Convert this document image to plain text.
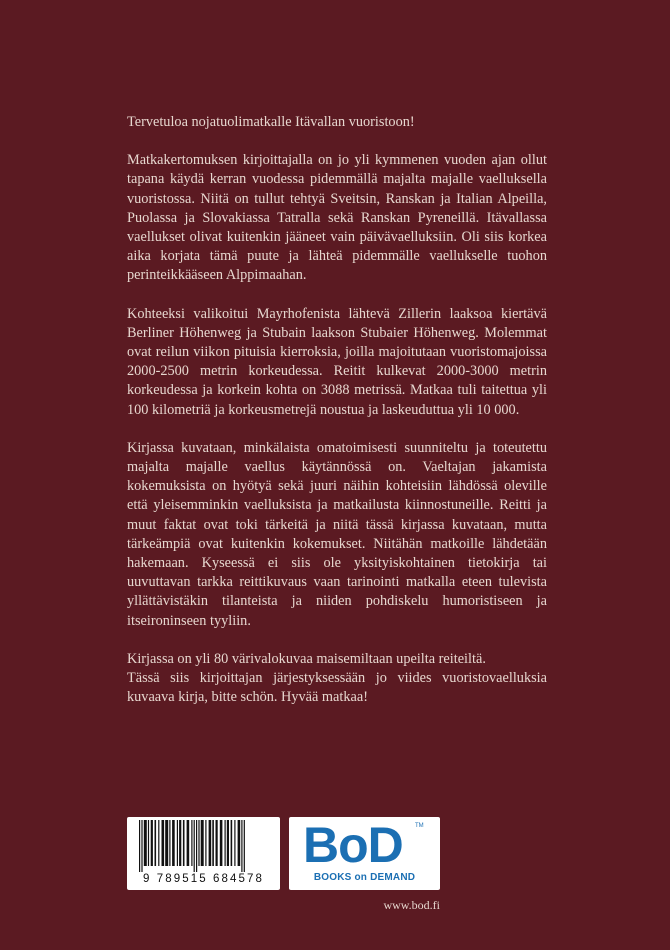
Tervetuloa nojatuolimatkalle Itävallan vuoristoon!

Matkakertomuksen kirjoittajalla on jo yli kymmenen vuoden ajan ollut tapana käydä kerran vuodessa pidemmällä majalta majalle vaelluksella vuoristossa. Niitä on tullut tehtyä Sveitsin, Ranskan ja Italian Alpeilla, Puolassa ja Slovakiassa Tatralla sekä Ranskan Pyreneillä. Itävallassa vaellukset olivat kuitenkin jääneet vain päivävaelluksiin. Oli siis korkea aika korjata tämä puute ja lähteä pidemmälle vaellukselle tuohon perinteikkääseen Alppimaahan.

Kohteeksi valikoitui Mayrhofenista lähtevä Zillerin laaksoa kiertävä Berliner Höhenweg ja Stubain laakson Stubaier Höhenweg. Molemmat ovat reilun viikon pituisia kierroksia, joilla majoitutaan vuoristomajoissa 2000-2500 metrin korkeudessa. Reitit kulkevat 2000-3000 metrin korkeudessa ja korkein kohta on 3088 metrissä. Matkaa tuli taitettua yli 100 kilometriä ja korkeusmetrejä noustua ja laskeuduttua yli 10 000.

Kirjassa kuvataan, minkälaista omatoimisesti suunniteltu ja toteutettu majalta majalle vaellus käytännössä on. Vaeltajan jakamista kokemuksista on hyötyä sekä juuri näihin kohteisiin lähdössä oleville että yleisemminkin vaelluksista ja matkailusta kiinnostuneille. Reitti ja muut faktat ovat toki tärkeitä ja niitä tässä kirjassa kuvataan, mutta tärkeämpiä ovat kuitenkin kokemukset. Niitähän matkoille lähdetään hakemaan. Kyseessä ei siis ole yksityiskohtainen tietokirja tai uuvuttavan tarkka reittikuvaus vaan tarinointi matkalla eteen tulevista yllättävistäkin tilanteista ja niiden pohdiskelu humoristiseen ja itseironinseen tyyliin.

Kirjassa on yli 80 värivalokuvaa maisemiltaan upeilta reiteiltä.

Tässä siis kirjoittajan järjestyksessään jo viides vuoristovaelluksia kuvaava kirja, bitte schön. Hyvää matkaa!

9 789515 684578
BoD TM
BOOKS on DEMAND
www.bod.fi
